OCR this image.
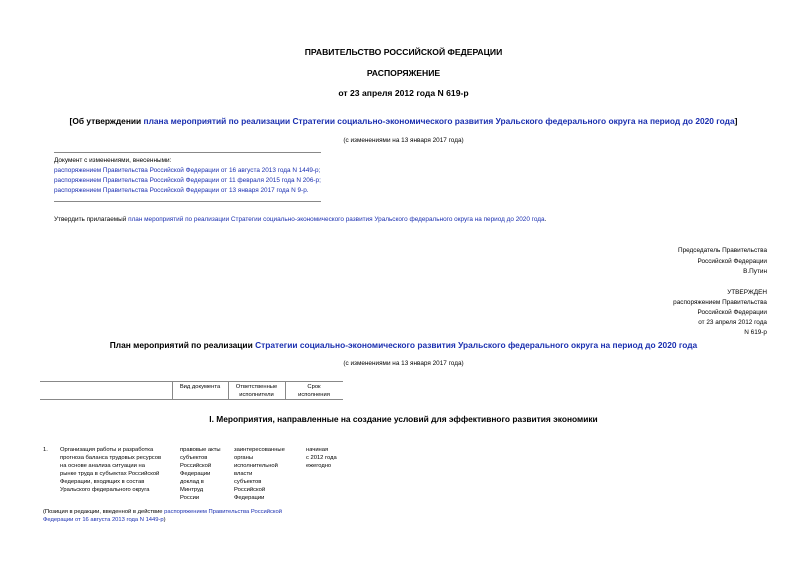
ПРАВИТЕЛЬСТВО РОССИЙСКОЙ ФЕДЕРАЦИИ
РАСПОРЯЖЕНИЕ
от 23 апреля 2012 года N 619-р
[Об утверждении плана мероприятий по реализации Стратегии социально-экономического развития Уральского федерального округа на период до 2020 года]
(с изменениями на 13 января 2017 года)
Документ с изменениями, внесенными:
распоряжением Правительства Российской Федерации от 16 августа 2013 года N 1449-р;
распоряжением Правительства Российской Федерации от 11 февраля 2015 года N 206-р;
распоряжением Правительства Российской Федерации от 13 января 2017 года N 9-р.
Утвердить прилагаемый план мероприятий по реализации Стратегии социально-экономического развития Уральского федерального округа на период до 2020 года.
Председатель Правительства
Российской Федерации
В.Путин
УТВЕРЖДЕН
распоряжением Правительства
Российской Федерации
от 23 апреля 2012 года
N 619-р
План мероприятий по реализации Стратегии социально-экономического развития Уральского федерального округа на период до 2020 года
(с изменениями на 13 января 2017 года)
Вид документа	Ответственные
исполнители
Срок
исполнения
I. Мероприятия, направленные на создание условий для эффективного развития экономики
1. Организация работы и разработка
прогноза баланса трудовых ресурсов
на основе анализа ситуации на
рынке труда в субъектах Российской
Федерации, входящих в состав
Уральского федерального округа
правовые акты
субъектов
Российской
Федерации
доклад в
Минтруд
России
заинтересованные
органы
исполнительной
власти
субъектов
Российской
Федерации
начиная
с 2012 года
ежегодно
(Позиция в редакции, введенной в действие распоряжением Правительства Российской
Федерации от 16 августа 2013 года N 1449-р)
